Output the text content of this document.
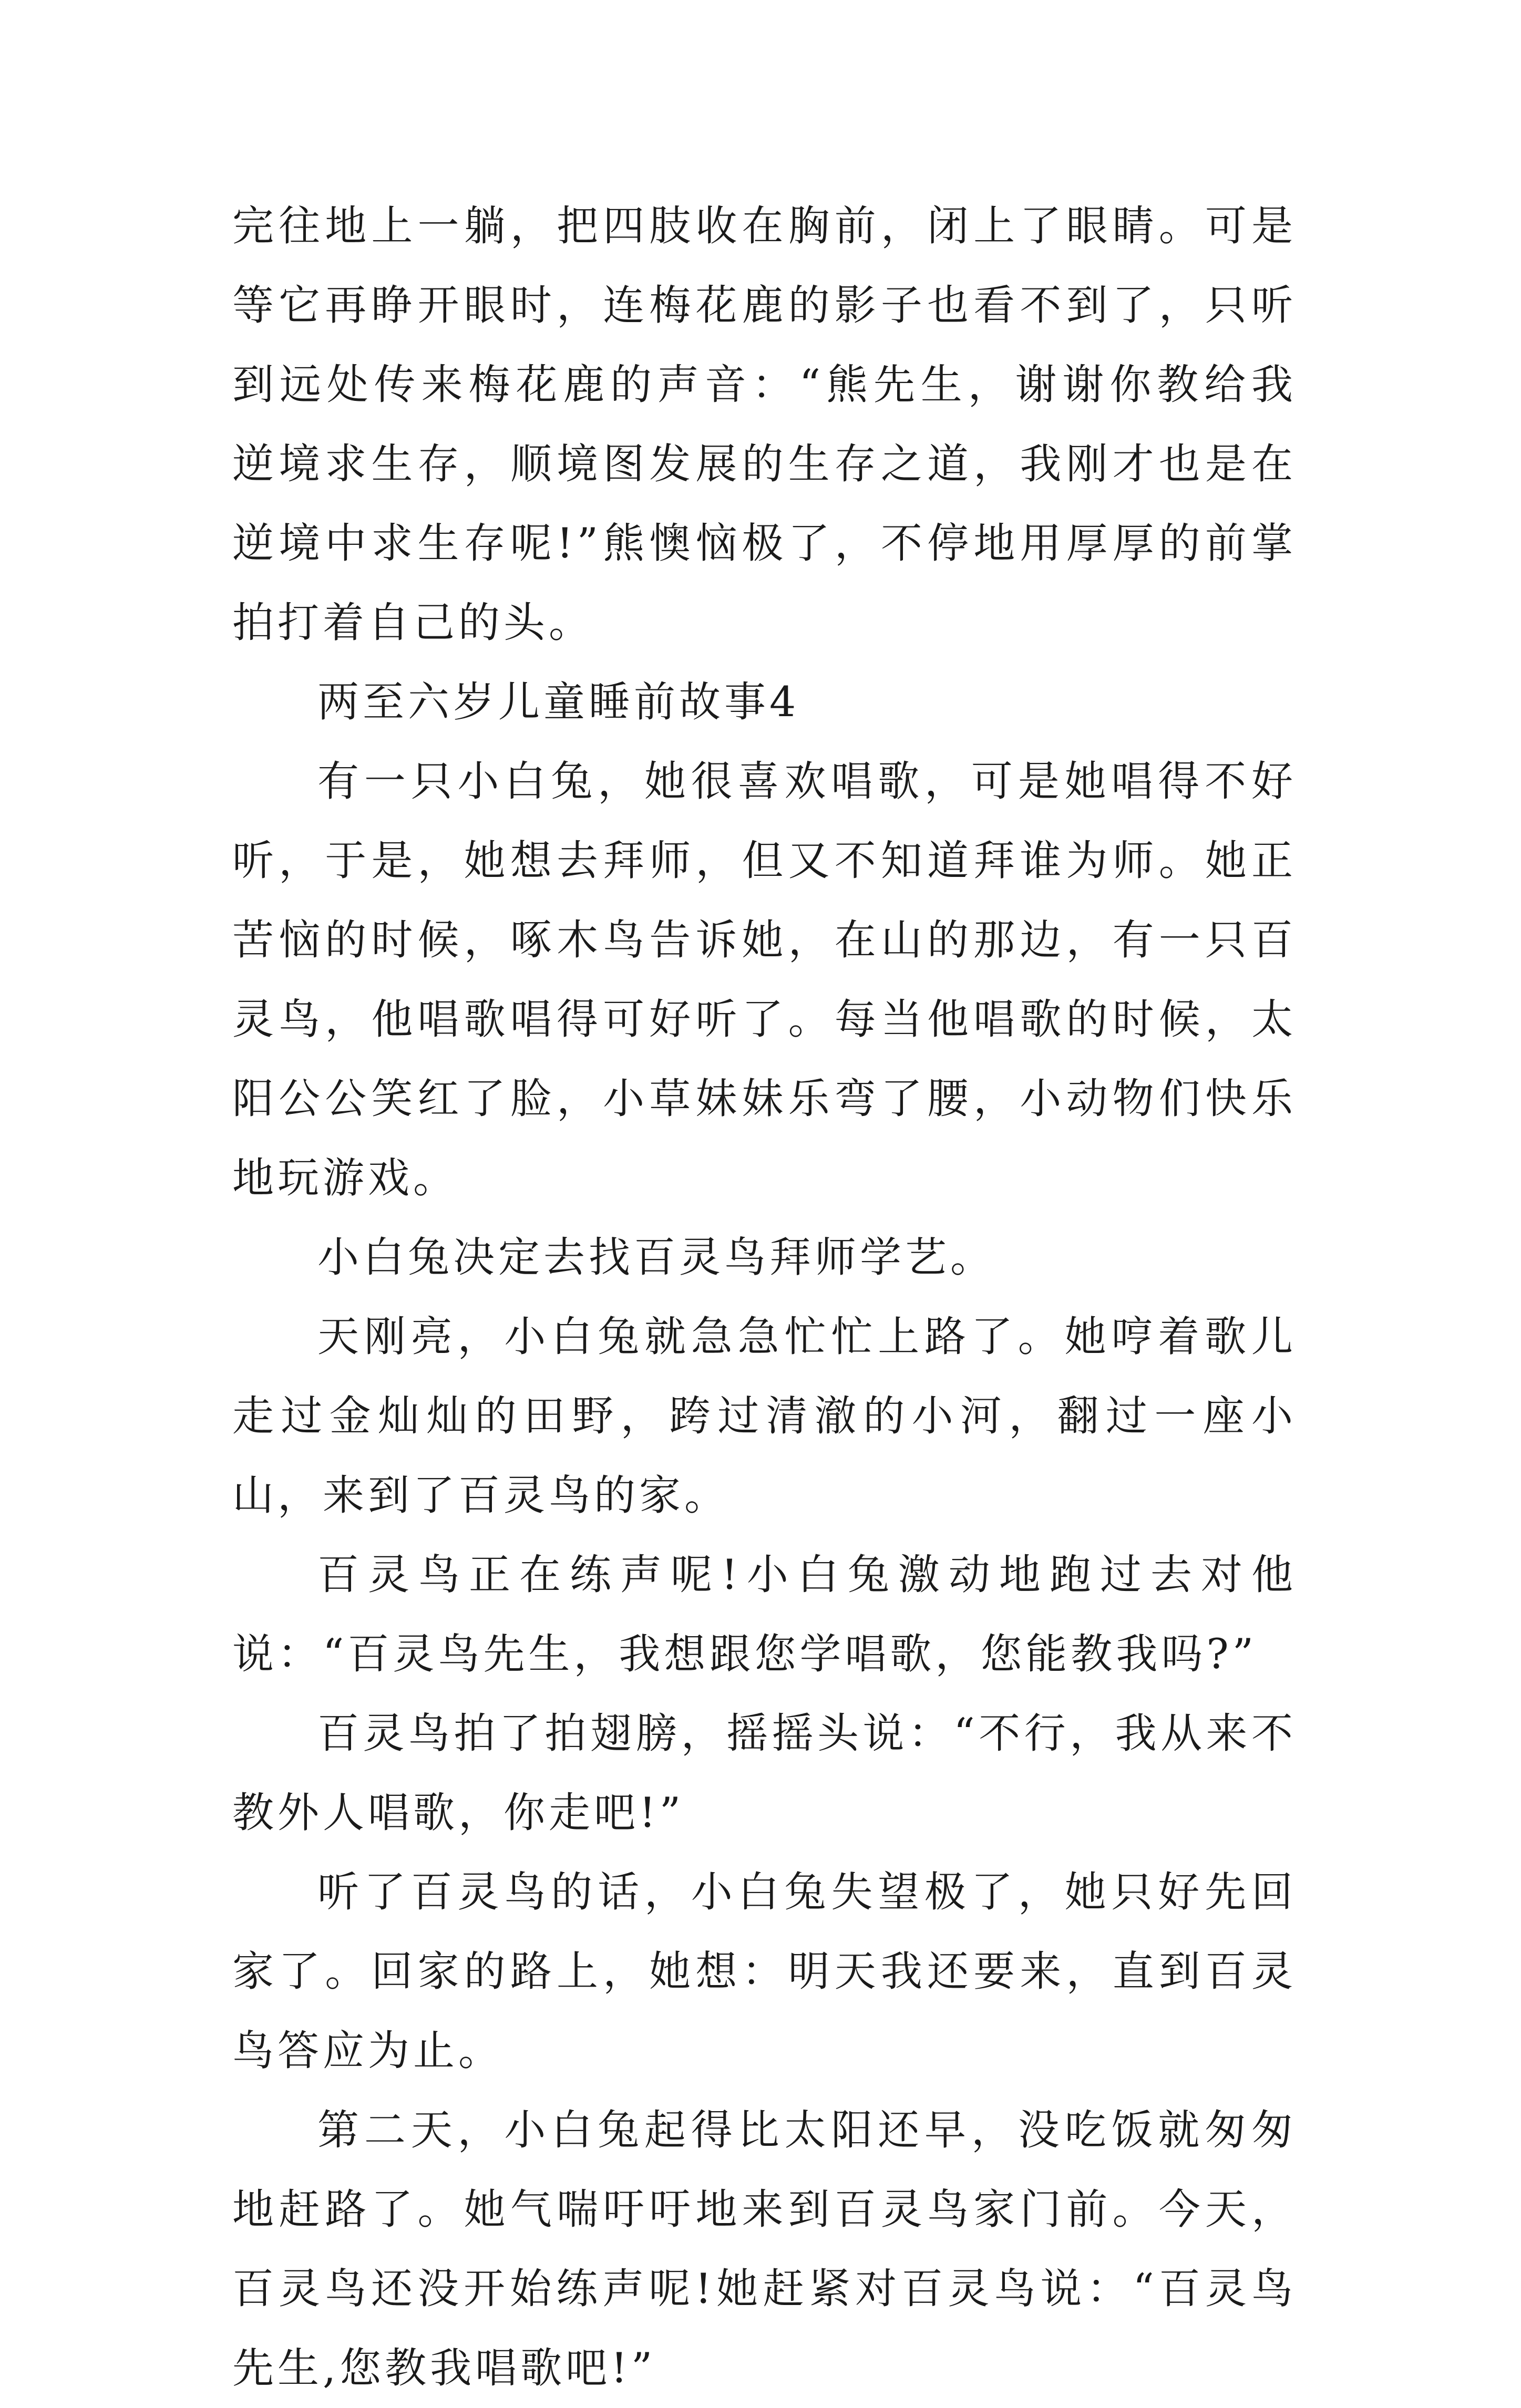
完往地上一躺，把四肢收在胸前，闭上了眼睛。可是等它再睁开眼时，连梅花鹿的影子也看不到了，只听到远处传来梅花鹿的声音：“熊先生，谢谢你教给我逆境求生存，顺境图发展的生存之道，我刚才也是在逆境中求生存呢!”熊懊恼极了，不停地用厚厚的前掌拍打着自己的头。

两至六岁儿童睡前故事4

有一只小白兔，她很喜欢唱歌，可是她唱得不好听，于是，她想去拜师，但又不知道拜谁为师。她正苦恼的时候，啄木鸟告诉她，在山的那边，有一只百灵鸟，他唱歌唱得可好听了。每当他唱歌的时候，太阳公公笑红了脸，小草妹妹乐弯了腰，小动物们快乐地玩游戏。

小白兔决定去找百灵鸟拜师学艺。

天刚亮，小白兔就急急忙忙上路了。她哼着歌儿走过金灿灿的田野，跨过清澈的小河，翻过一座小山，来到了百灵鸟的家。

百灵鸟正在练声呢!小白兔激动地跑过去对他说：“百灵鸟先生，我想跟您学唱歌，您能教我吗?”

百灵鸟拍了拍翅膀，摇摇头说：“不行，我从来不教外人唱歌，你走吧!”

听了百灵鸟的话，小白兔失望极了，她只好先回家了。回家的路上，她想：明天我还要来，直到百灵鸟答应为止。

第二天，小白兔起得比太阳还早，没吃饭就匆匆地赶路了。她气喘吁吁地来到百灵鸟家门前。今天，百灵鸟还没开始练声呢!她赶紧对百灵鸟说：“百灵鸟先生,您教我唱歌吧!”
